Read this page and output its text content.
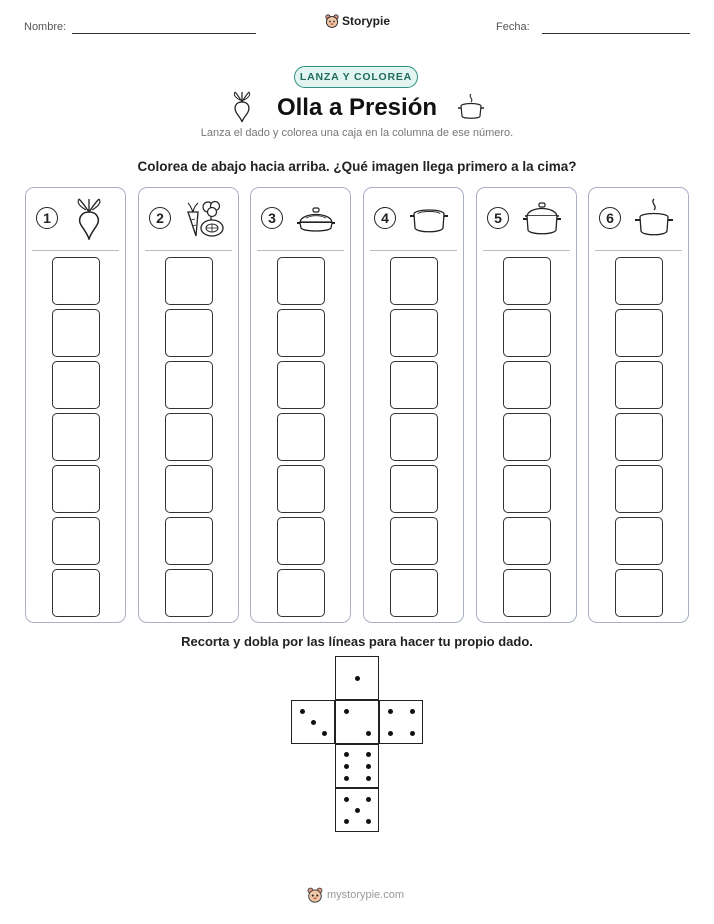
Nombre:	Storypie	Fecha:
LANZA Y COLOREA
Olla a Presión
Lanza el dado y colorea una caja en la columna de ese número.
Colorea de abajo hacia arriba. ¿Qué imagen llega primero a la cima?
1	2	3	4	5	6
Recorta y dobla por las líneas para hacer tu propio dado.
mystorypie.com
